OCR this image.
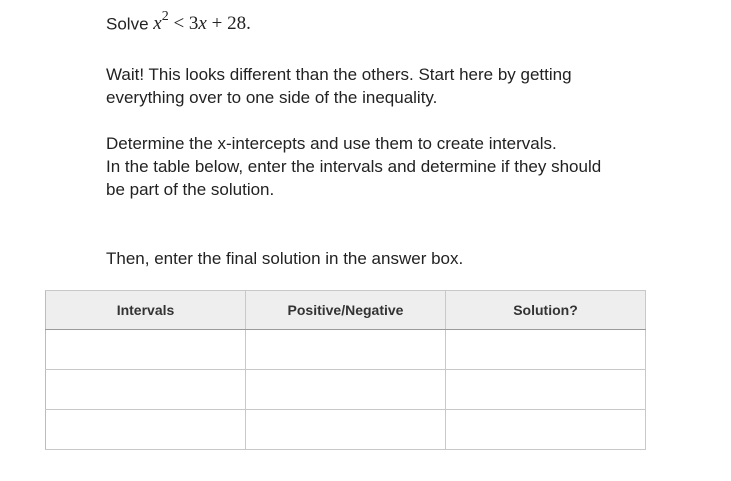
Solve $x^2 < 3x + 28$.

Wait! This looks different than the others. Start here by getting everything over to one side of the inequality.

Determine the x-intercepts and use them to create intervals.
In the table below, enter the intervals and determine if they should be part of the solution.

Then, enter the final solution in the answer box.

Intervals	Positive/Negative	Solution?
